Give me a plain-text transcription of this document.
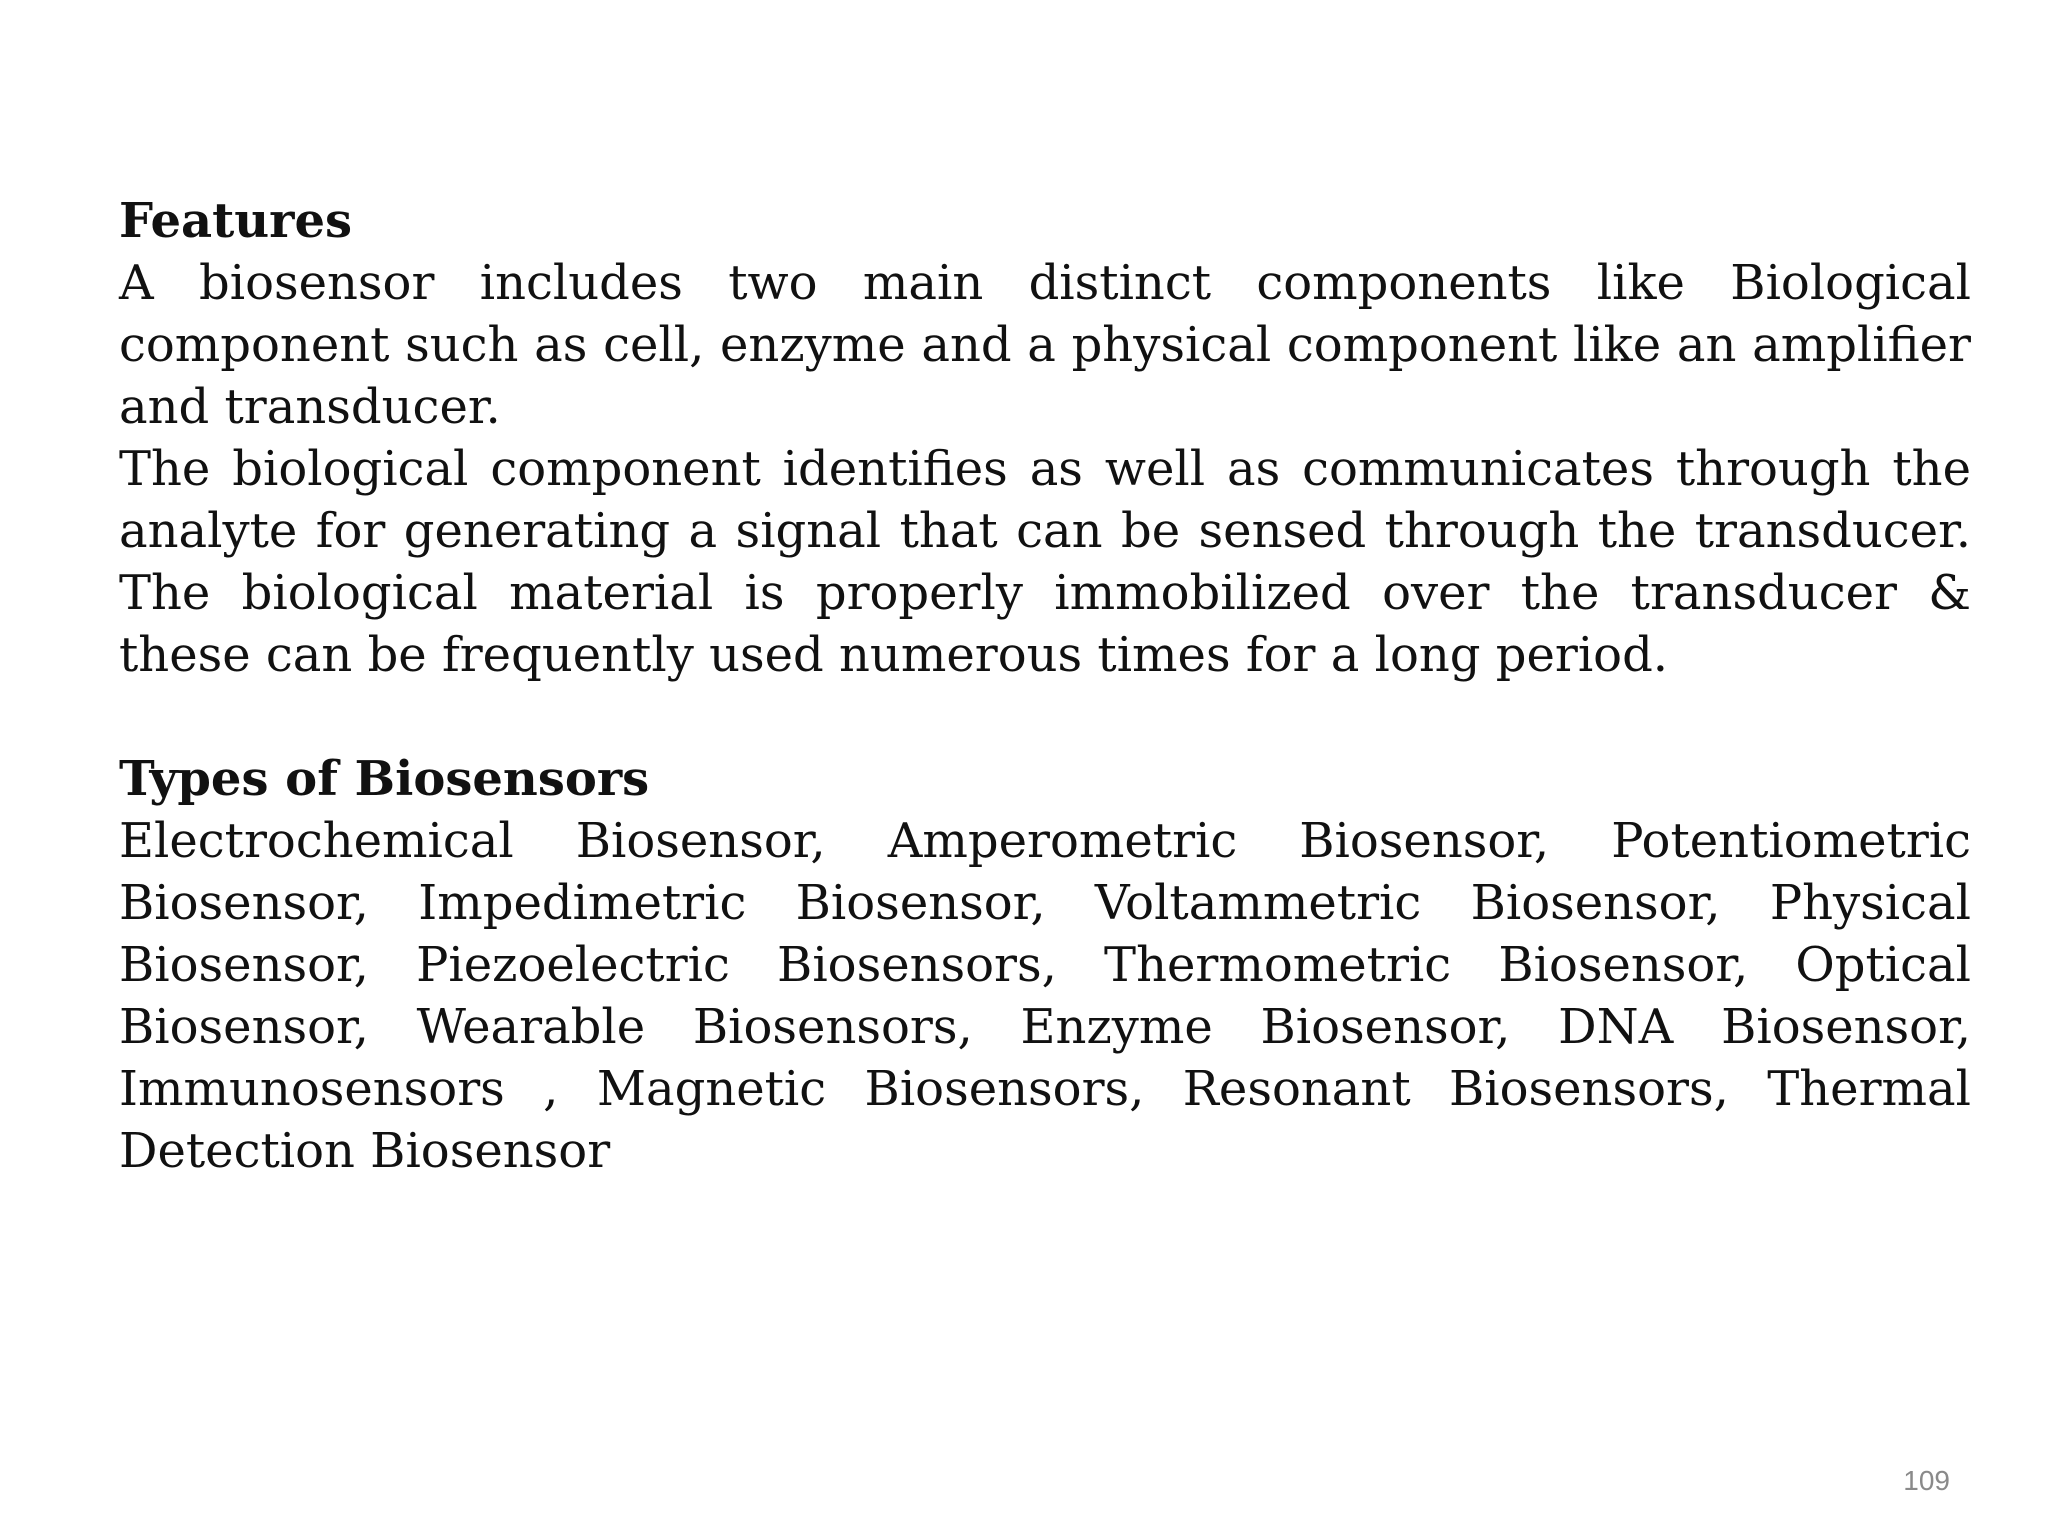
Features

A biosensor includes two main distinct components like Biological component such as cell, enzyme and a physical component like an amplifier and transducer.

The biological component identifies as well as communicates through the analyte for generating a signal that can be sensed through the transducer. The biological material is properly immobilized over the transducer & these can be frequently used numerous times for a long period.

Types of Biosensors

Electrochemical Biosensor, Amperometric Biosensor, Potentiometric Biosensor, Impedimetric Biosensor, Voltammetric Biosensor, Physical Biosensor, Piezoelectric Biosensors, Thermometric Biosensor, Optical Biosensor, Wearable Biosensors, Enzyme Biosensor, DNA Biosensor, Immunosensors , Magnetic Biosensors, Resonant Biosensors, Thermal Detection Biosensor

109
